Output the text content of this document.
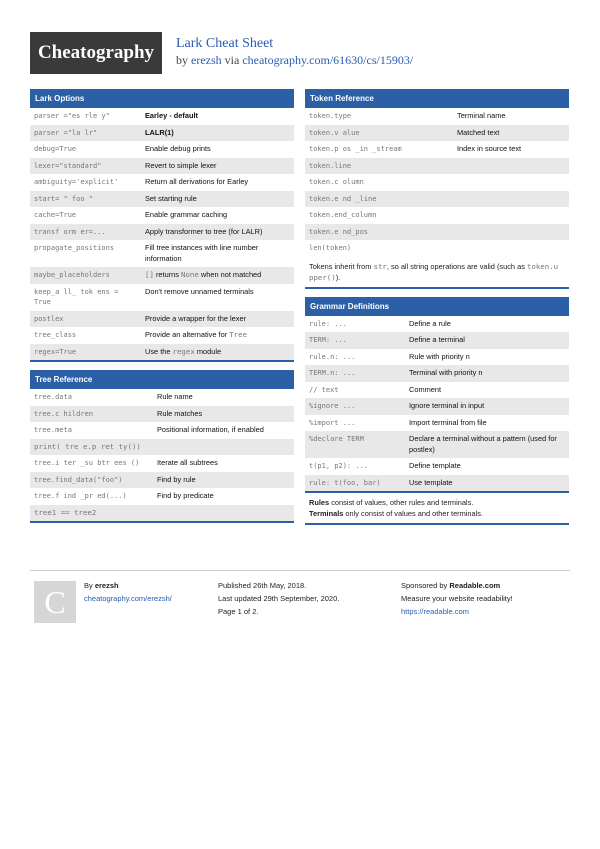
Cheatography	Lark Cheat Sheet
by erezsh via cheatography.com/61630/cs/15903/
Lark Options
parser ="es rle y"	Earley - default
parser ="la lr"	LALR(1)
debug=True	Enable debug prints
lexer="standard"	Revert to simple lexer
ambiguity='explicit'	Return all derivations for Earley
start= " foo "	Set starting rule
cache=True	Enable grammar caching
transf orm er=...	Apply transformer to tree (for LALR)
propagate_positions	Fill tree instances with line number information
maybe_placeholders	[] returns None when not matched
keep_a ll_ tok ens = True	Don't remove unnamed terminals
postlex	Provide a wrapper for the lexer
tree_class	Provide an alternative for Tree
regex=True	Use the regex module
Tree Reference
tree.data	Rule name
tree.c hildren	Rule matches
tree.meta	Positional information, if enabled
print( tre e.p ret ty())	
tree.i ter _su btr ees ()	Iterate all subtrees
tree.find_data("foo")	Find by rule
tree.f ind _pr ed(...)	Find by predicate
tree1 == tree2	
Token Reference
token.type	Terminal name
token.v alue	Matched text
token.p os _in _stream	Index in source text
token.line	
token.c olumn	
token.e nd _line	
token.end_column	
token.e nd_pos	
len(token)	
Tokens inherit from str, so all string operations are valid (such as token.u pper()).
Grammar Definitions
rule: ...	Define a rule
TERM: ...	Define a terminal
rule.n: ...	Rule with priority n
TERM.n: ...	Terminal with priority n
// text	Comment
%ignore ...	Ignore terminal in input
%import ...	Import terminal from file
%declare TERM	Declare a terminal without a pattern (used for postlex)
t(p1, p2): ...	Define template
rule: t(foo, bar)	Use template
Rules consist of values, other rules and terminals.
Terminals only consist of values and other terminals.
C	By erezsh
cheatography.com/erezsh/
Published 26th May, 2018.
Last updated 29th September, 2020.
Page 1 of 2.
Sponsored by Readable.com
Measure your website readability!
https://readable.com
